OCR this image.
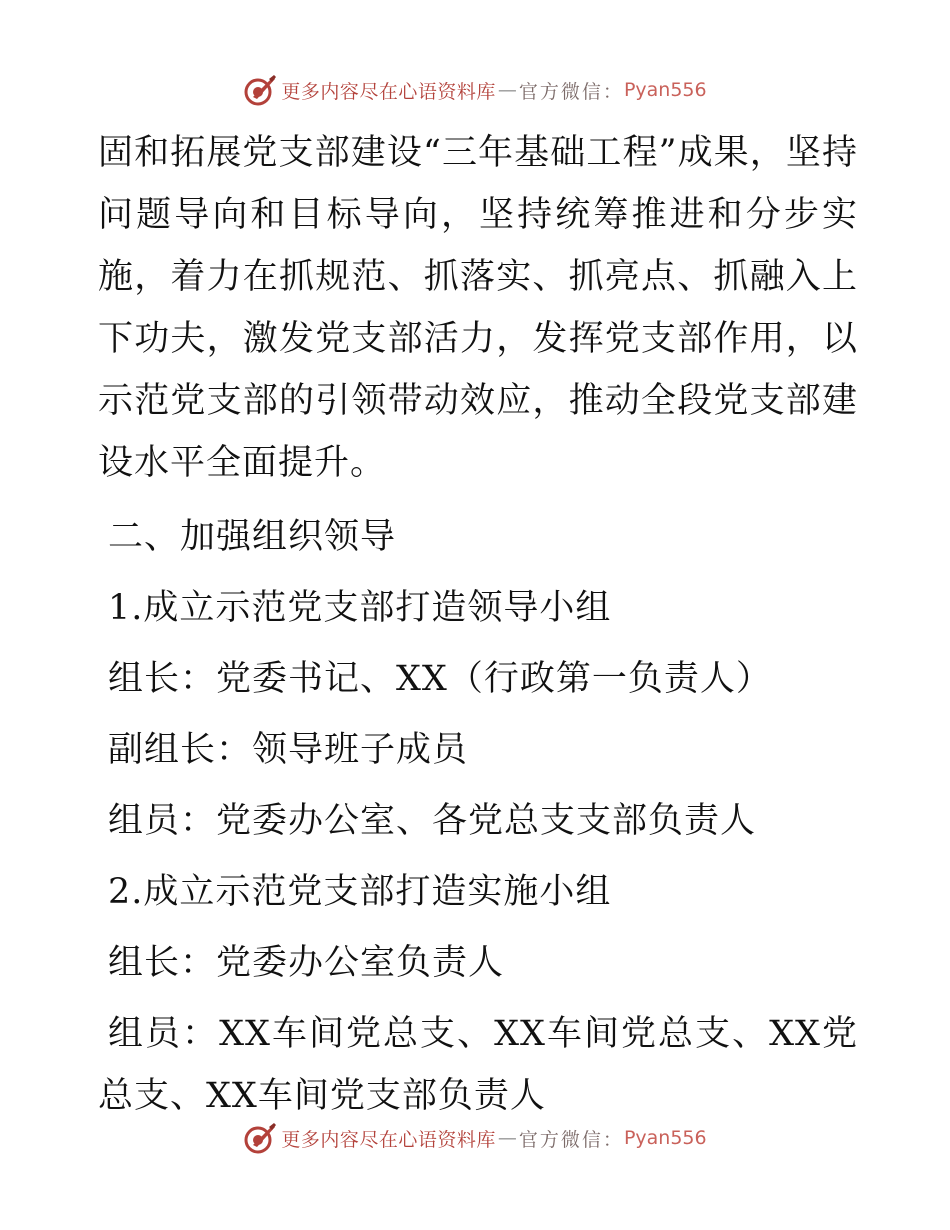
更多内容尽在心语资料库 — 官方微信： Pyan556

固和拓展党支部建设“三年基础工程”成果，坚持问题导向和目标导向，坚持统筹推进和分步实施，着力在抓规范、抓落实、抓亮点、抓融入上下功夫，激发党支部活力，发挥党支部作用，以示范党支部的引领带动效应，推动全段党支部建设水平全面提升。

二、加强组织领导

1.成立示范党支部打造领导小组

组长：党委书记、XX（行政第一负责人）

副组长：领导班子成员

组员：党委办公室、各党总支支部负责人

2.成立示范党支部打造实施小组

组长：党委办公室负责人

组员：XX车间党总支、XX车间党总支、XX党总支、XX车间党支部负责人

更多内容尽在心语资料库 — 官方微信： Pyan556
